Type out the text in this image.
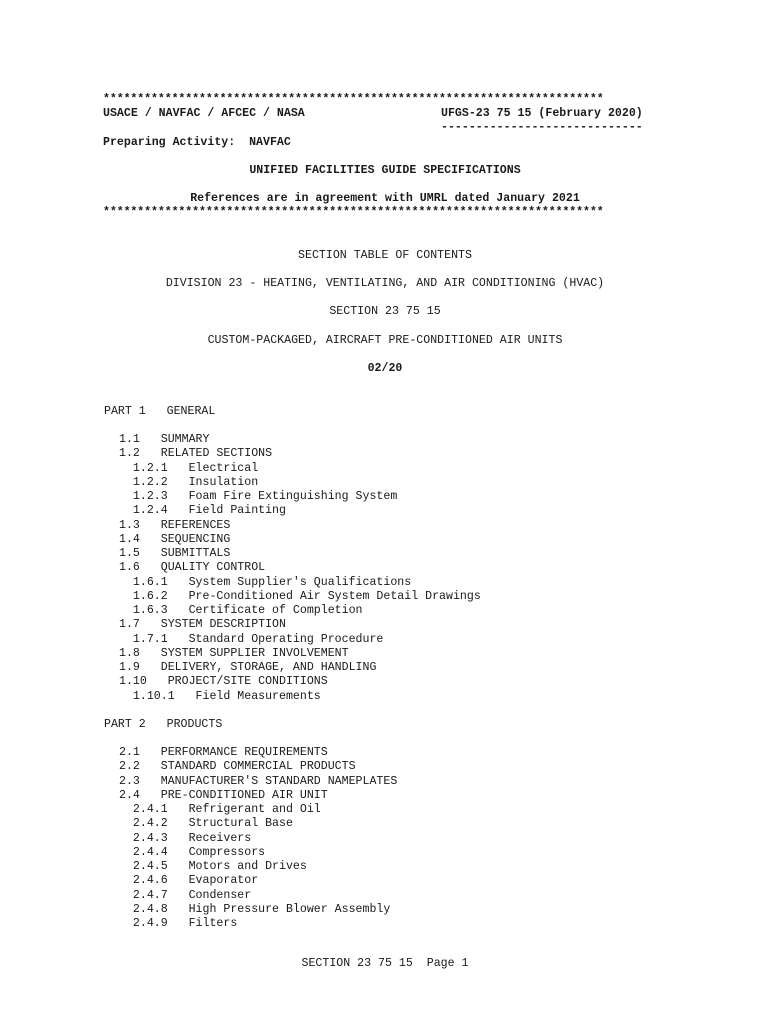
*************************************************************************
USACE / NAVFAC / AFCEC / NASA	UFGS-23 75 15 (February 2020)
-----------------------------
Preparing Activity:  NAVFAC
UNIFIED FACILITIES GUIDE SPECIFICATIONS
References are in agreement with UMRL dated January 2021
*************************************************************************
SECTION TABLE OF CONTENTS
DIVISION 23 - HEATING, VENTILATING, AND AIR CONDITIONING (HVAC)
SECTION 23 75 15
CUSTOM-PACKAGED, AIRCRAFT PRE-CONDITIONED AIR UNITS
02/20
PART 1   GENERAL
1.1   SUMMARY
1.2   RELATED SECTIONS
1.2.1   Electrical
1.2.2   Insulation
1.2.3   Foam Fire Extinguishing System
1.2.4   Field Painting
1.3   REFERENCES
1.4   SEQUENCING
1.5   SUBMITTALS
1.6   QUALITY CONTROL
1.6.1   System Supplier's Qualifications
1.6.2   Pre-Conditioned Air System Detail Drawings
1.6.3   Certificate of Completion
1.7   SYSTEM DESCRIPTION
1.7.1   Standard Operating Procedure
1.8   SYSTEM SUPPLIER INVOLVEMENT
1.9   DELIVERY, STORAGE, AND HANDLING
1.10   PROJECT/SITE CONDITIONS
1.10.1   Field Measurements
PART 2   PRODUCTS
2.1   PERFORMANCE REQUIREMENTS
2.2   STANDARD COMMERCIAL PRODUCTS
2.3   MANUFACTURER'S STANDARD NAMEPLATES
2.4   PRE-CONDITIONED AIR UNIT
2.4.1   Refrigerant and Oil
2.4.2   Structural Base
2.4.3   Receivers
2.4.4   Compressors
2.4.5   Motors and Drives
2.4.6   Evaporator
2.4.7   Condenser
2.4.8   High Pressure Blower Assembly
2.4.9   Filters
SECTION 23 75 15  Page 1
